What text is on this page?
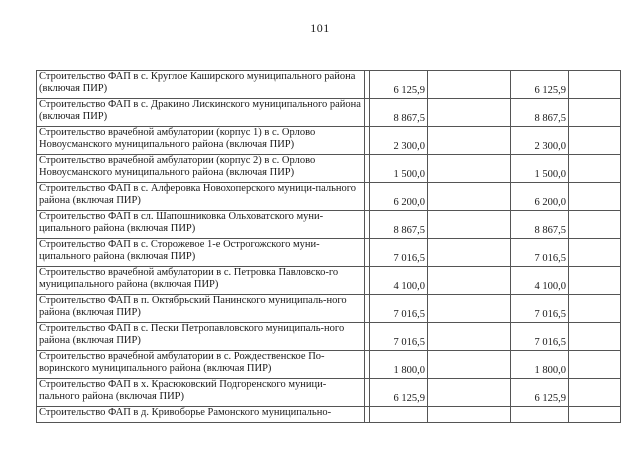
101
Строительство ФАП в с. Круглое Каширского муниципального района (включая ПИР)		6 125,9		6 125,9	
Строительство ФАП в с. Дракино Лискинского муниципального района (включая ПИР)		8 867,5		8 867,5	
Строительство врачебной амбулатории (корпус 1) в с. Орлово Новоусманского муниципального района (включая ПИР)		2 300,0		2 300,0	
Строительство врачебной амбулатории (корпус 2) в с. Орлово Новоусманского муниципального района (включая ПИР)		1 500,0		1 500,0	
Строительство ФАП в с. Алферовка Новохоперского муници-пального района (включая ПИР)		6 200,0		6 200,0	
Строительство ФАП в сл. Шапошниковка Ольховатского муни-ципального района (включая ПИР)		8 867,5		8 867,5	
Строительство ФАП в с. Сторожевое 1-е Острогожского муни-ципального района (включая ПИР)		7 016,5		7 016,5	
Строительство врачебной амбулатории в с. Петровка Павловско-го муниципального района (включая ПИР)		4 100,0		4 100,0	
Строительство ФАП в п. Октябрьский Панинского муниципаль-ного района (включая ПИР)		7 016,5		7 016,5	
Строительство ФАП в с. Пески Петропавловского муниципаль-ного района (включая ПИР)		7 016,5		7 016,5	
Строительство врачебной амбулатории в с. Рождественское По-воринского муниципального района (включая ПИР)		1 800,0		1 800,0	
Строительство ФАП в х. Красюковский Подгоренского муници-пального района (включая ПИР)		6 125,9		6 125,9	
Строительство ФАП в д. Кривоборье Рамонского муниципально-					
